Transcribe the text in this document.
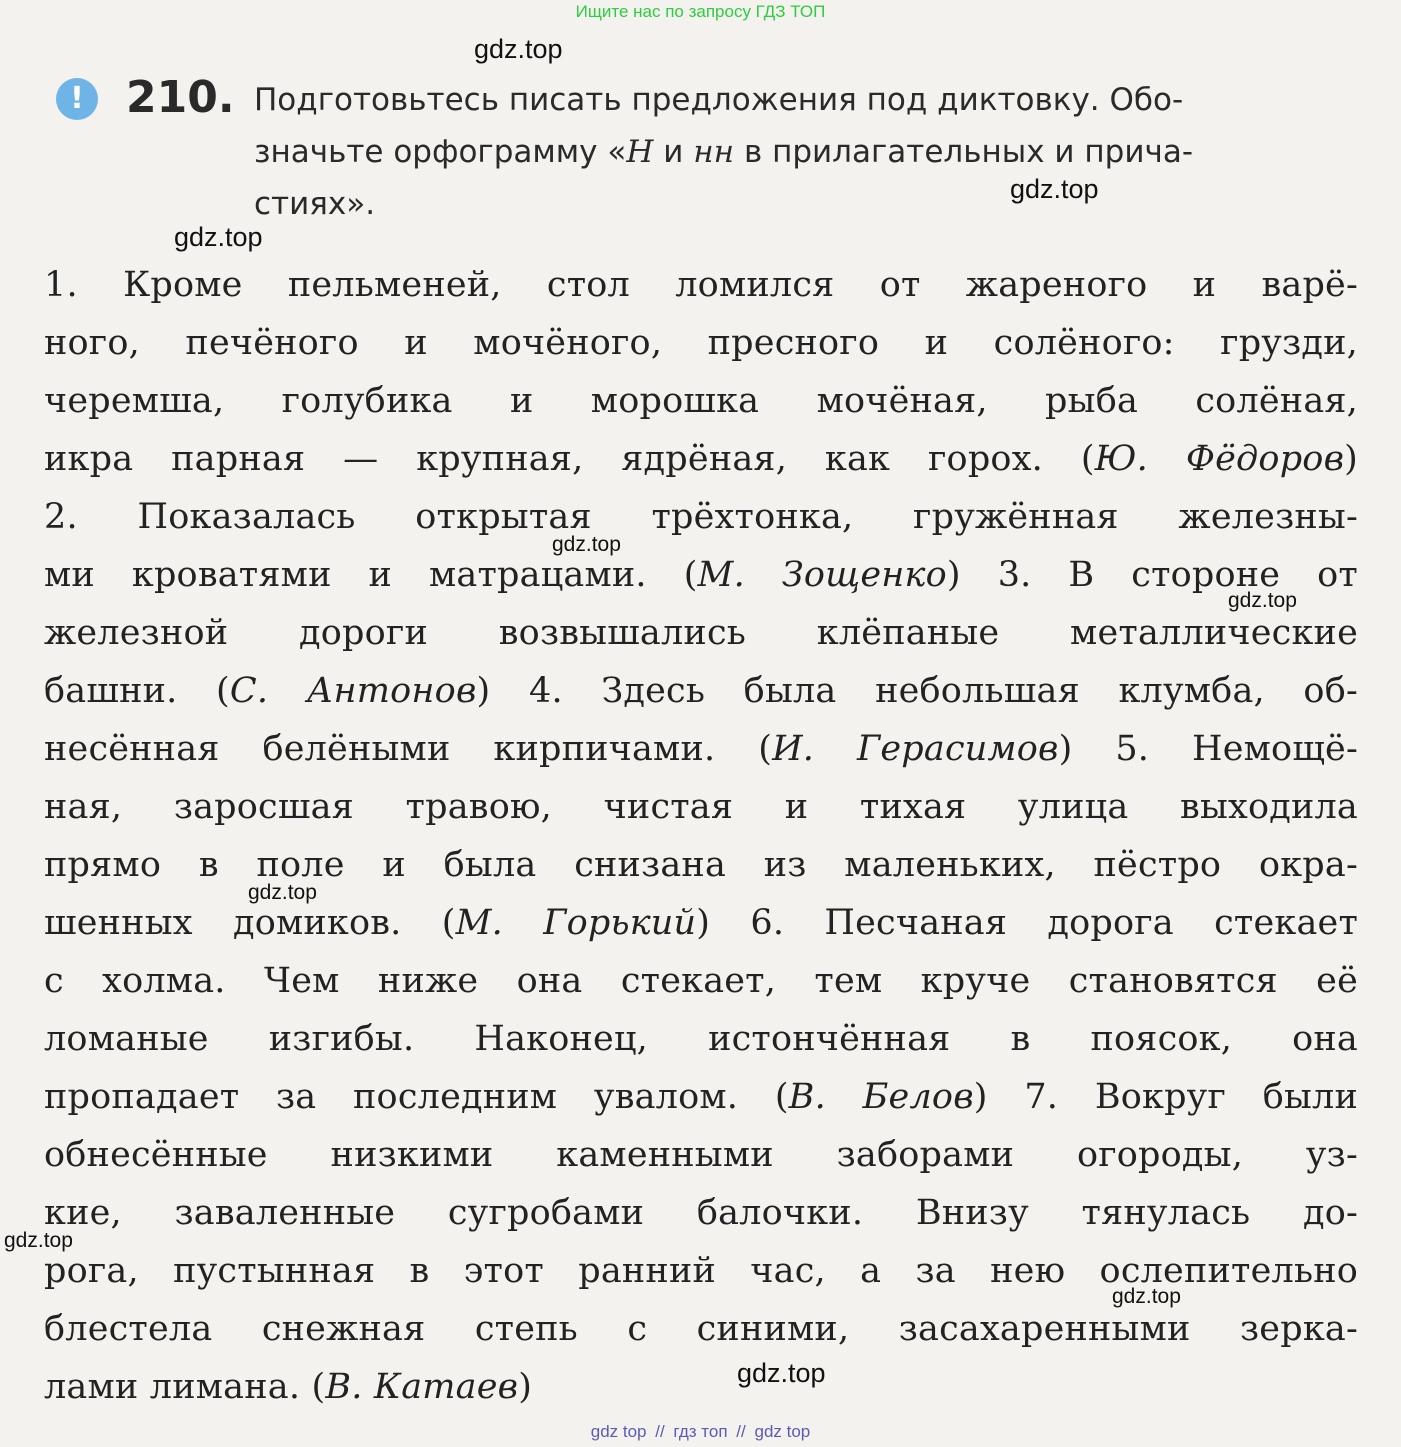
Ищите нас по запросу ГДЗ ТОП
! 210. Подготовьтесь писать предложения под диктовку. Обо-
значьте орфограмму «Н и нн в прилагательных и прича-
стиях».
1. Кроме пельменей, стол ломился от жареного и варё-
ного, печёного и мочёного, пресного и солёного: грузди,
черемша, голубика и морошка мочёная, рыба солёная,
икра парная — крупная, ядрёная, как горох. (Ю. Фёдоров)
2. Показалась открытая трёхтонка, гружённая железны-
ми кроватями и матрацами. (М. Зощенко) 3. В стороне от
железной дороги возвышались клёпаные металлические
башни. (С. Антонов) 4. Здесь была небольшая клумба, об-
несённая белёными кирпичами. (И. Герасимов) 5. Немощё-
ная, заросшая травою, чистая и тихая улица выходила
прямо в поле и была снизана из маленьких, пёстро окра-
шенных домиков. (М. Горький) 6. Песчаная дорога стекает
с холма. Чем ниже она стекает, тем круче становятся её
ломаные изгибы. Наконец, истончённая в поясок, она
пропадает за последним увалом. (В. Белов) 7. Вокруг были
обнесённые низкими каменными заборами огороды, уз-
кие, заваленные сугробами балочки. Внизу тянулась до-
рога, пустынная в этот ранний час, а за нею ослепительно
блестела снежная степь с синими, засахаренными зерка-
лами лимана. (В. Катаев)
gdz.top
gdz.top
gdz.top
gdz.top
gdz.top
gdz.top
gdz.top
gdz.top
gdz.top
gdz top // гдз топ // gdz top
